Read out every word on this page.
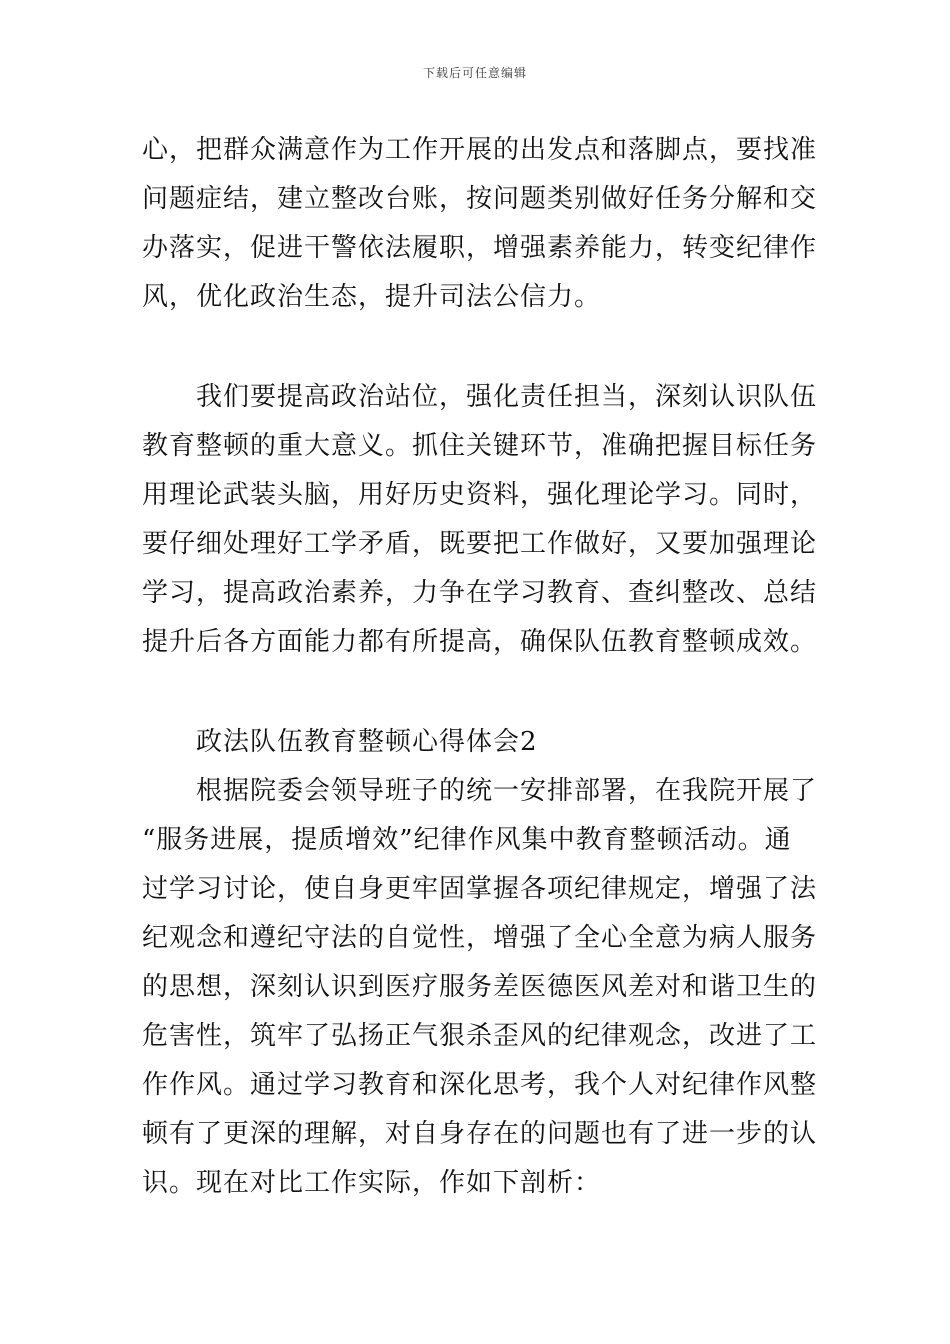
下载后可任意编辑
心，把群众满意作为工作开展的出发点和落脚点，要找准
问题症结，建立整改台账，按问题类别做好任务分解和交
办落实，促进干警依法履职，增强素养能力，转变纪律作
风，优化政治生态，提升司法公信力。
我们要提高政治站位，强化责任担当，深刻认识队伍
教育整顿的重大意义。抓住关键环节，准确把握目标任务
用理论武装头脑，用好历史资料，强化理论学习。同时，
要仔细处理好工学矛盾，既要把工作做好，又要加强理论
学习，提高政治素养，力争在学习教育、查纠整改、总结
提升后各方面能力都有所提高，确保队伍教育整顿成效。
政法队伍教育整顿心得体会2
根据院委会领导班子的统一安排部署，在我院开展了
“服务进展，提质增效”纪律作风集中教育整顿活动。通
过学习讨论，使自身更牢固掌握各项纪律规定，增强了法
纪观念和遵纪守法的自觉性，增强了全心全意为病人服务
的思想，深刻认识到医疗服务差医德医风差对和谐卫生的
危害性，筑牢了弘扬正气狠杀歪风的纪律观念，改进了工
作作风。通过学习教育和深化思考，我个人对纪律作风整
顿有了更深的理解，对自身存在的问题也有了进一步的认
识。现在对比工作实际，作如下剖析：
